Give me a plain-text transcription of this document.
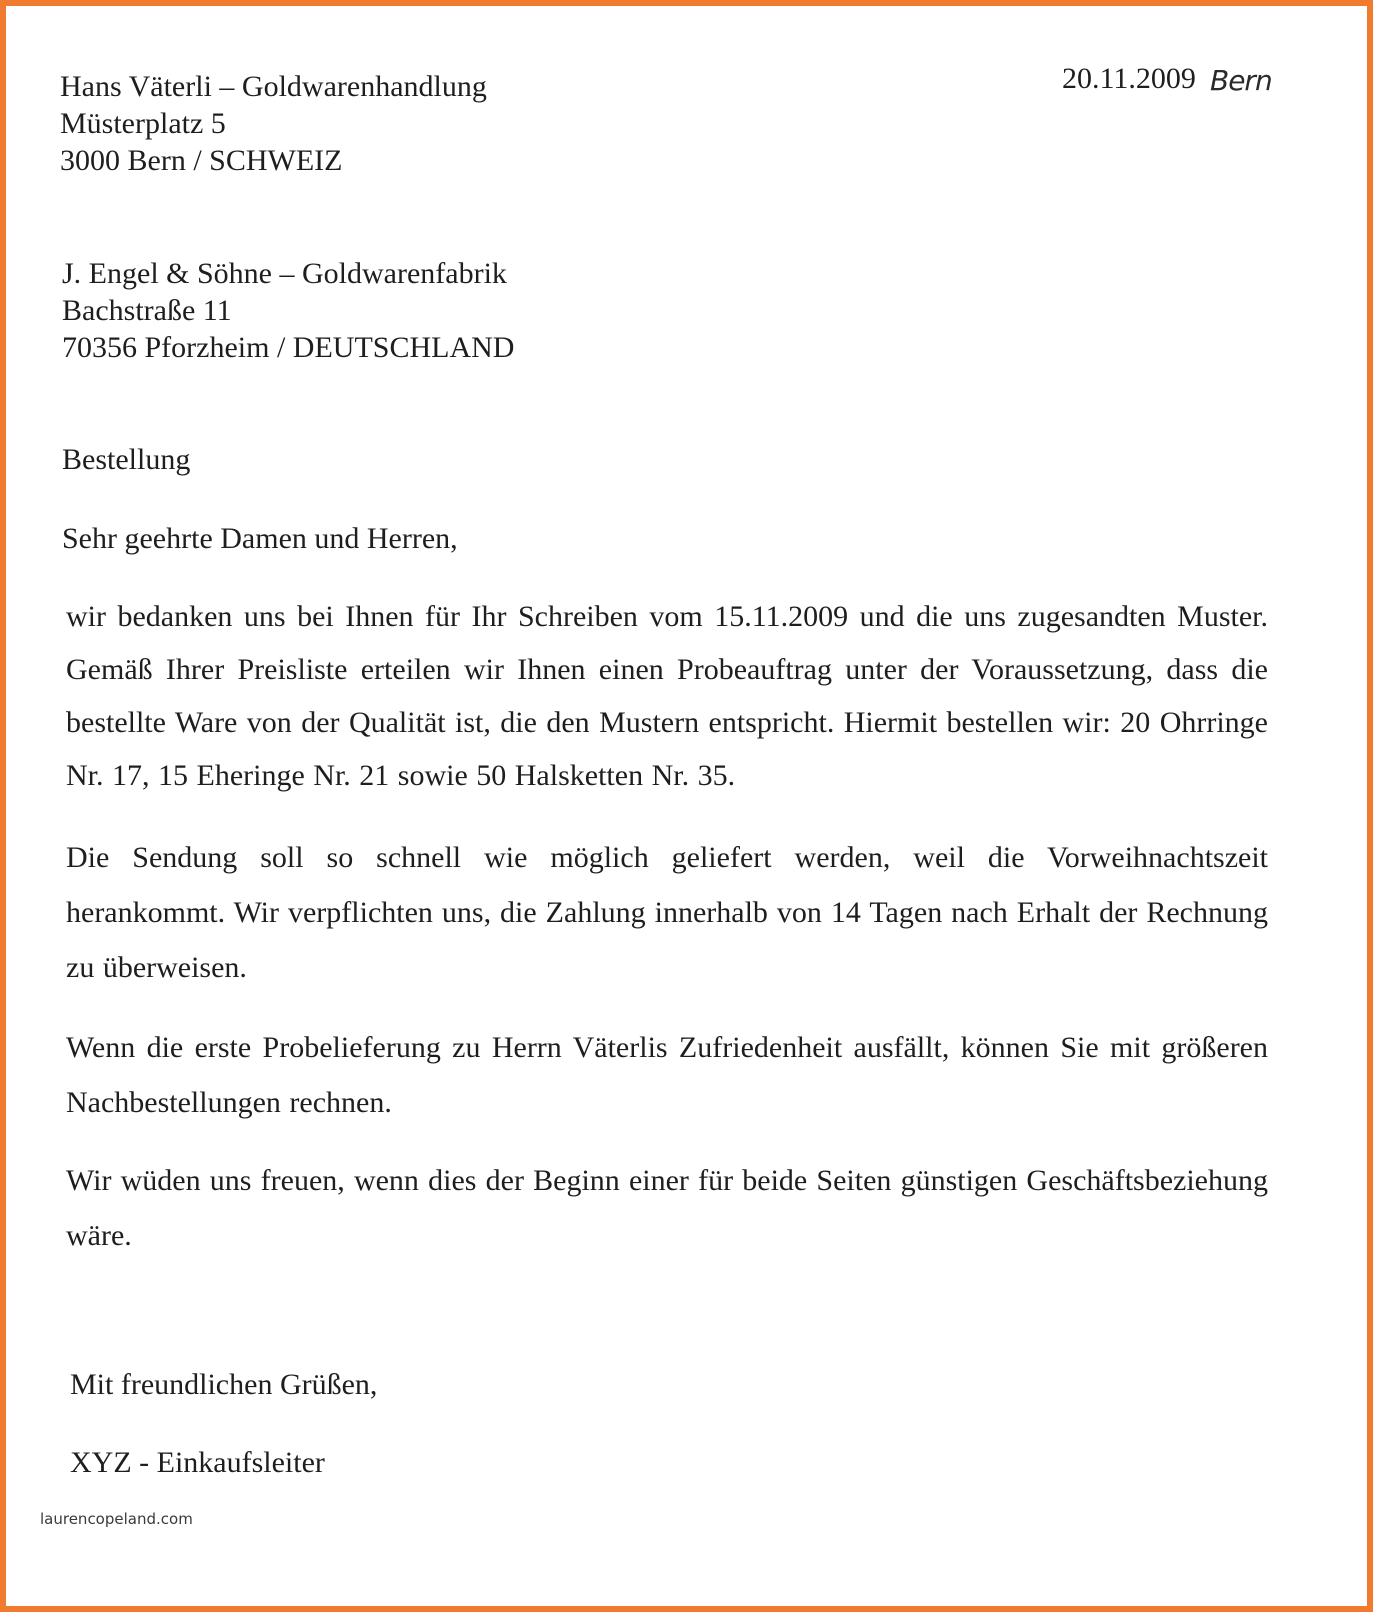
Hans Väterli – Goldwarenhandlung
Müsterplatz 5
3000 Bern / SCHWEIZ
20.11.2009 Bern
J. Engel & Söhne – Goldwarenfabrik
Bachstraße 11
70356 Pforzheim / DEUTSCHLAND
Bestellung
Sehr geehrte Damen und Herren,
wir bedanken uns bei Ihnen für Ihr Schreiben vom 15.11.2009 und die uns zugesandten Muster. Gemäß Ihrer Preisliste erteilen wir Ihnen einen Probeauftrag unter der Voraussetzung, dass die bestellte Ware von der Qualität ist, die den Mustern entspricht. Hiermit bestellen wir: 20 Ohrringe Nr. 17, 15 Eheringe Nr. 21 sowie 50 Halsketten Nr. 35.
Die Sendung soll so schnell wie möglich geliefert werden, weil die Vorweihnachtszeit herankommt. Wir verpflichten uns, die Zahlung innerhalb von 14 Tagen nach Erhalt der Rechnung zu überweisen.
Wenn die erste Probelieferung zu Herrn Väterlis Zufriedenheit ausfällt, können Sie mit größeren Nachbestellungen rechnen.
Wir wüden uns freuen, wenn dies der Beginn einer für beide Seiten günstigen Geschäftsbeziehung wäre.
Mit freundlichen Grüßen,
XYZ - Einkaufsleiter
laurencopeland.com
